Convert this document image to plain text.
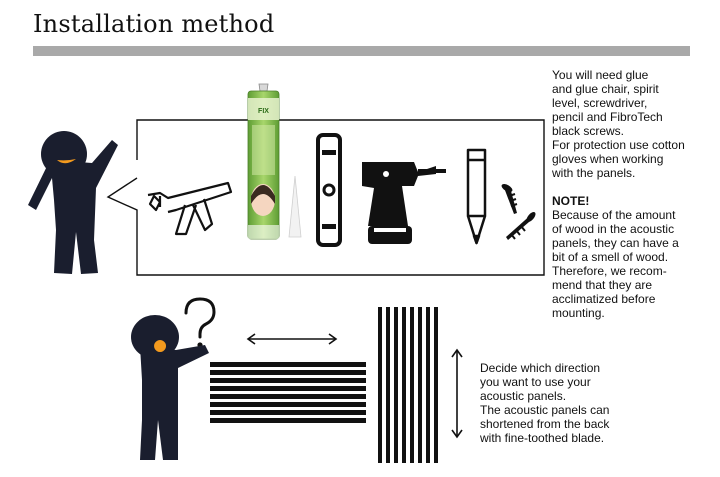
Installation method

You will need glue

and glue chair, spirit

level, screwdriver,

pencil and FibroTech

black screws.

For protection use cotton

gloves when working

with the panels.

NOTE!

Because of the amount

of wood in the acoustic

panels, they can have a

bit of a smell of wood.

Therefore, we recom-

mend that they are

acclimatized before

mounting.

Decide which direction

you want to use your

acoustic panels.

The acoustic panels can

shortened from the back

with fine-toothed blade.

FIX
